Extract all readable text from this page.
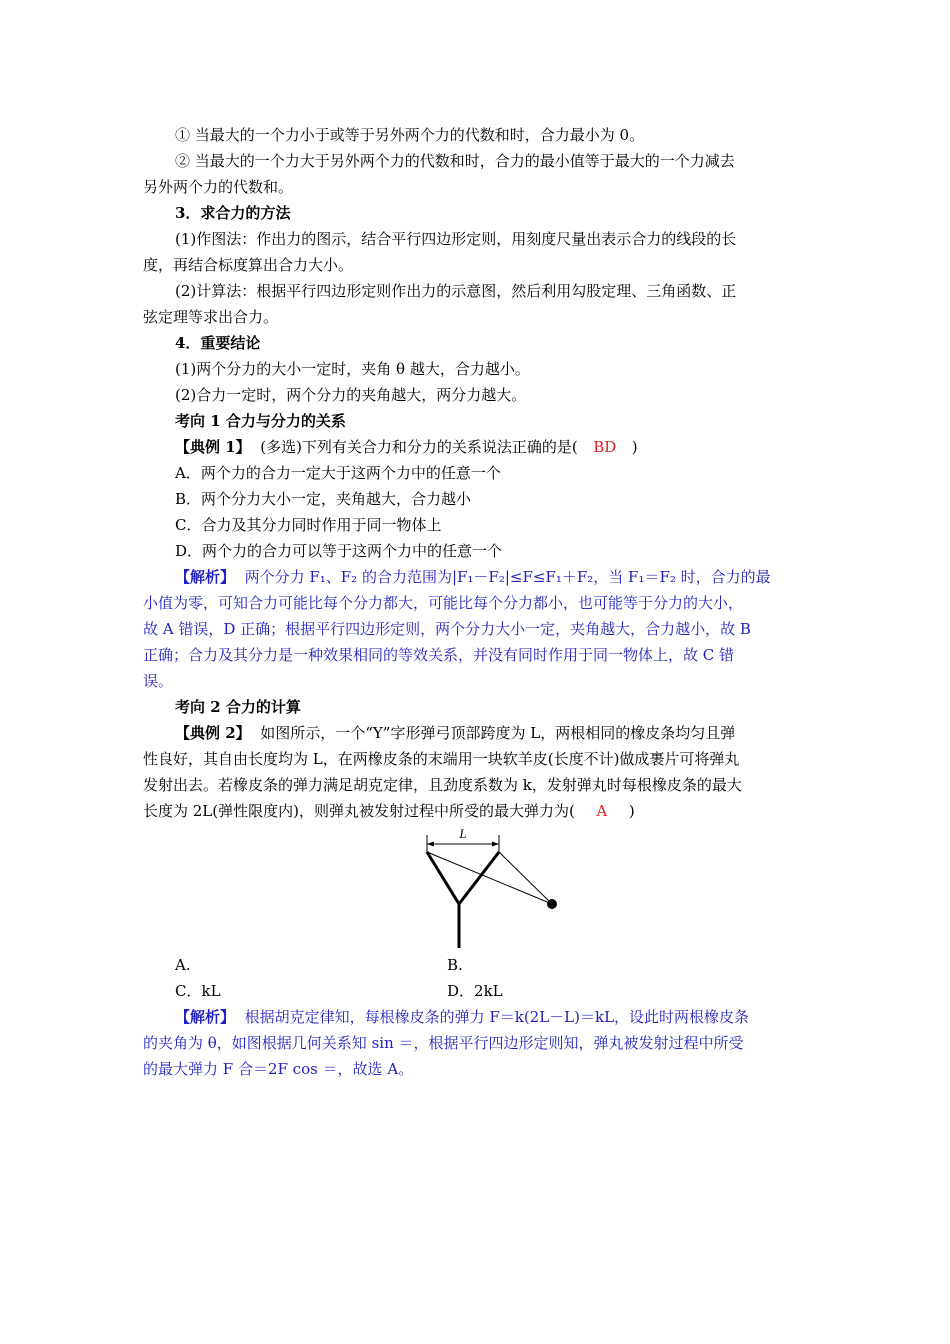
① 当最大的一个力小于或等于另外两个力的代数和时，合力最小为 0。
② 当最大的一个力大于另外两个力的代数和时，合力的最小值等于最大的一个力减去
另外两个力的代数和。
3．求合力的方法
(1)作图法：作出力的图示，结合平行四边形定则，用刻度尺量出表示合力的线段的长
度，再结合标度算出合力大小。
(2)计算法：根据平行四边形定则作出力的示意图，然后利用勾股定理、三角函数、正
弦定理等求出合力。
4．重要结论
(1)两个分力的大小一定时，夹角 θ 越大，合力越小。
(2)合力一定时，两个分力的夹角越大，两分力越大。
考向 1 合力与分力的关系
【典例 1】 (多选)下列有关合力和分力的关系说法正确的是( BD )
A．两个力的合力一定大于这两个力中的任意一个
B．两个分力大小一定，夹角越大，合力越小
C．合力及其分力同时作用于同一物体上
D．两个力的合力可以等于这两个力中的任意一个
【解析】 两个分力 F₁、F₂ 的合力范围为|F₁－F₂|≤F≤F₁＋F₂，当 F₁＝F₂ 时，合力的最
小值为零，可知合力可能比每个分力都大，可能比每个分力都小，也可能等于分力的大小，
故 A 错误，D 正确；根据平行四边形定则，两个分力大小一定，夹角越大，合力越小，故 B
正确；合力及其分力是一种效果相同的等效关系，并没有同时作用于同一物体上，故 C 错
误。
考向 2 合力的计算
【典例 2】 如图所示，一个“Y”字形弹弓顶部跨度为 L，两根相同的橡皮条均匀且弹
性良好，其自由长度均为 L，在两橡皮条的末端用一块软羊皮(长度不计)做成裹片可将弹丸
发射出去。若橡皮条的弹力满足胡克定律，且劲度系数为 k，发射弹丸时每根橡皮条的最大
长度为 2L(弹性限度内)，则弹丸被发射过程中所受的最大弹力为( A )
L
A.	B.
C．kL	D．2kL
【解析】 根据胡克定律知，每根橡皮条的弹力 F＝k(2L－L)＝kL，设此时两根橡皮条
的夹角为 θ，如图根据几何关系知 sin ＝，根据平行四边形定则知，弹丸被发射过程中所受
的最大弹力 F 合＝2F cos ＝，故选 A。
